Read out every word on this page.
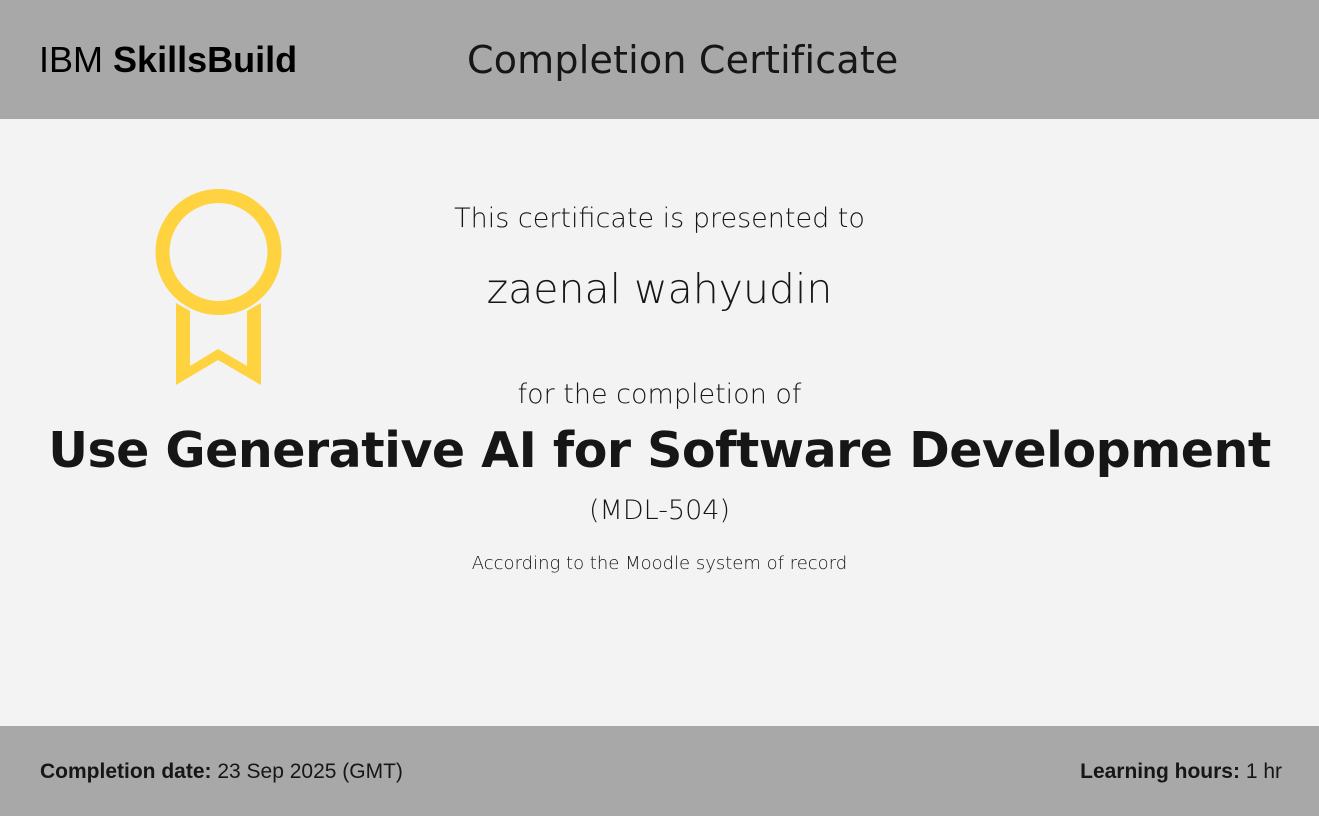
IBM SkillsBuild	Completion Certificate
This certificate is presented to
zaenal wahyudin
for the completion of
Use Generative AI for Software Development
(MDL-504)
According to the Moodle system of record
Completion date: 23 Sep 2025 (GMT)	Learning hours: 1 hr
